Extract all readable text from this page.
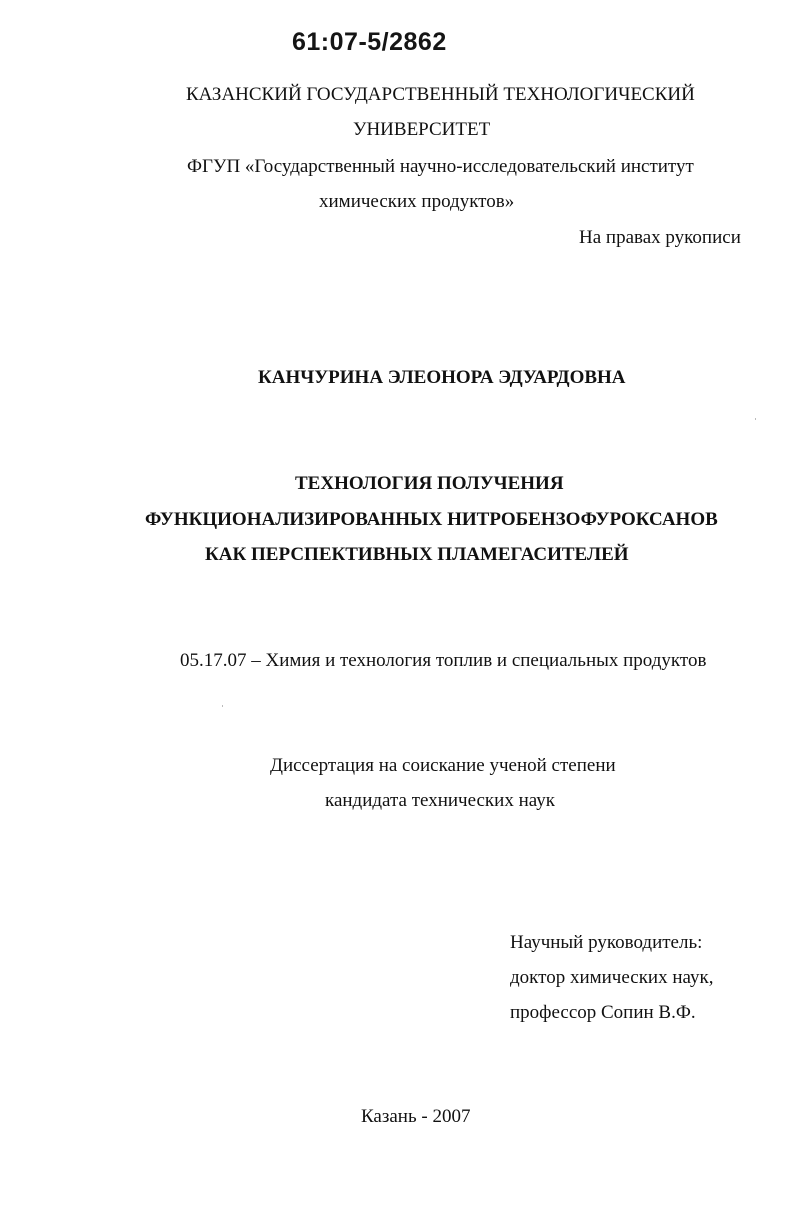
61:07-5/2862
КАЗАНСКИЙ ГОСУДАРСТВЕННЫЙ ТЕХНОЛОГИЧЕСКИЙ
УНИВЕРСИТЕТ
ФГУП «Государственный научно-исследовательский институт
химических продуктов»
На правах рукописи
КАНЧУРИНА ЭЛЕОНОРА ЭДУАРДОВНА
ТЕХНОЛОГИЯ ПОЛУЧЕНИЯ
ФУНКЦИОНАЛИЗИРОВАННЫХ НИТРОБЕНЗОФУРОКСАНОВ
КАК ПЕРСПЕКТИВНЫХ ПЛАМЕГАСИТЕЛЕЙ
05.17.07 – Химия и технология топлив и специальных продуктов
Диссертация на соискание ученой степени
кандидата технических наук
Научный руководитель:
доктор химических наук,
профессор Сопин В.Ф.
Казань - 2007
